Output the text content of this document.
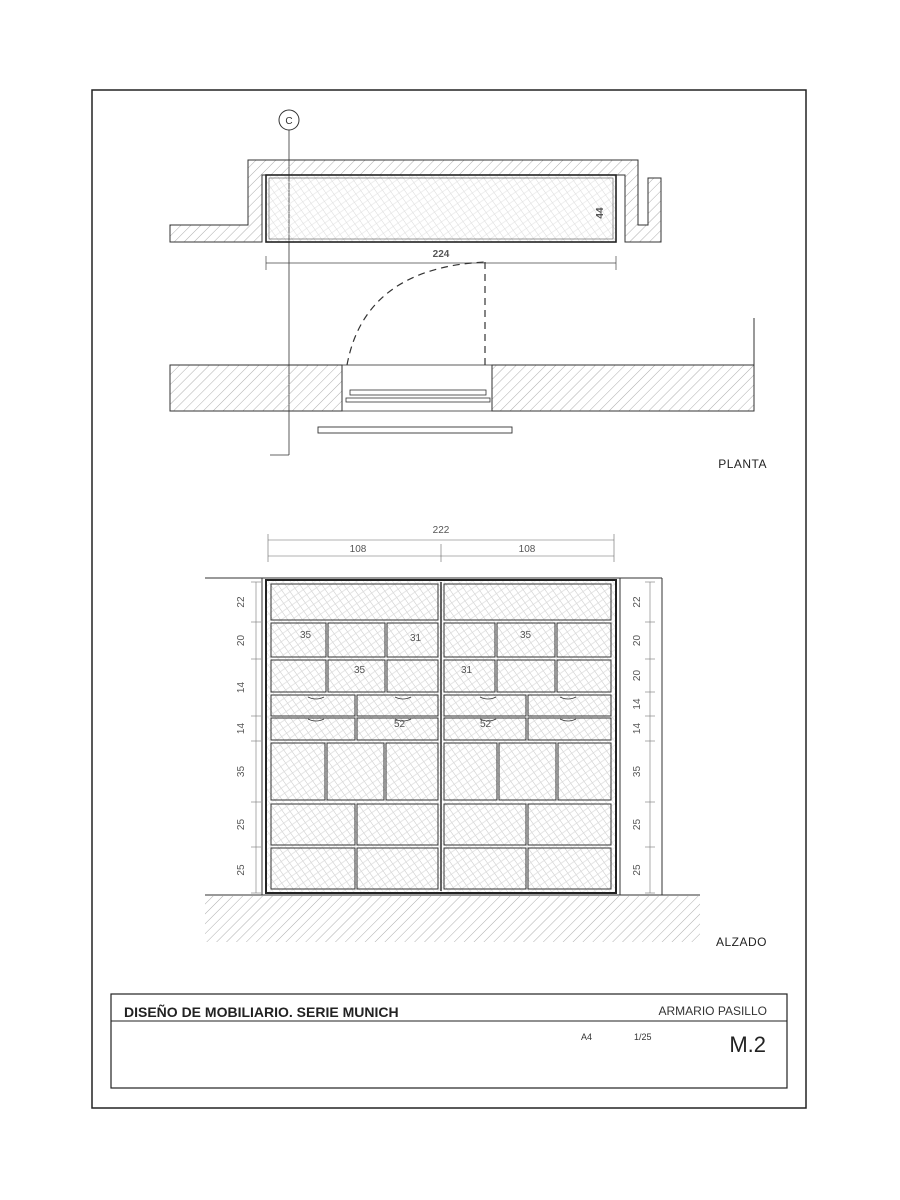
C
44
224
PLANTA
222
108	108
35	31	35
35	31
52	52
22
20
14
14
35
25
25
22
20
20
14
14
35
25
25
ALZADO
DISEÑO DE MOBILIARIO. SERIE MUNICH	ARMARIO PASILLO
A4	1/25	M.2
